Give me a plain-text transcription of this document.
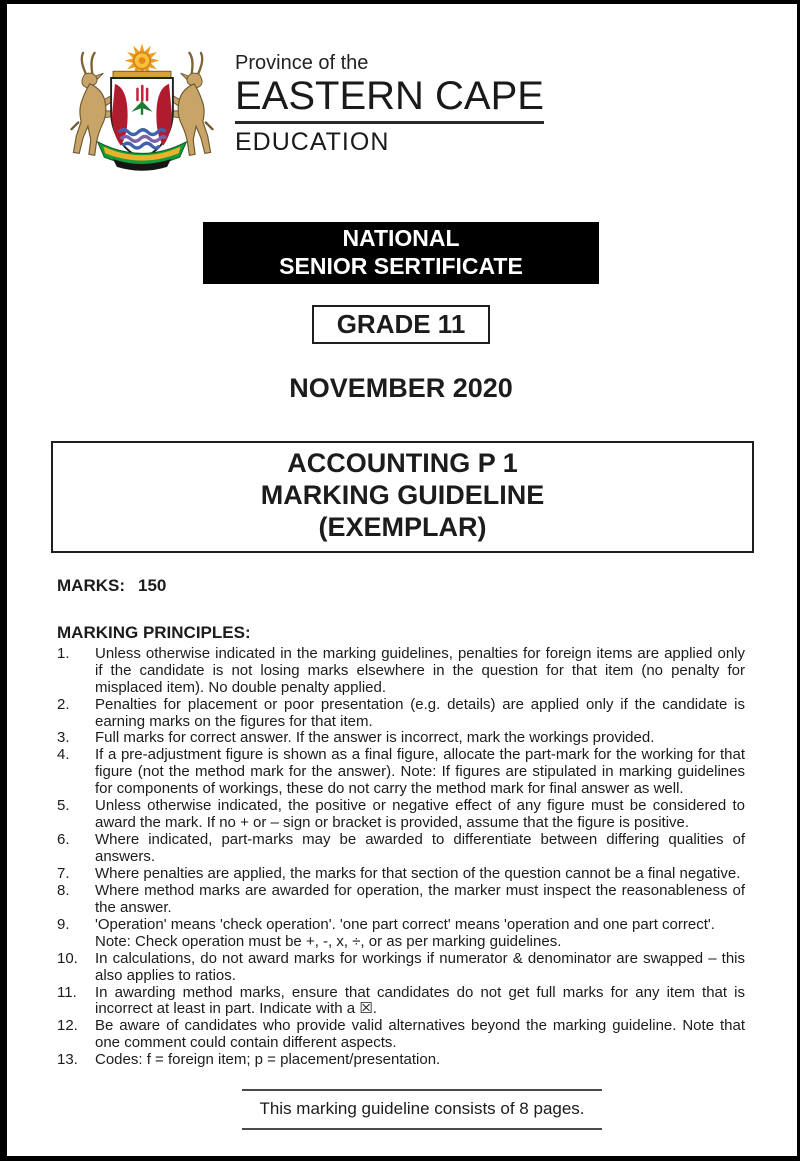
Province of the
EASTERN CAPE
EDUCATION
NATIONAL
SENIOR SERTIFICATE
GRADE 11
NOVEMBER 2020
ACCOUNTING P 1
MARKING GUIDELINE
(EXEMPLAR)
MARKS: 150
MARKING PRINCIPLES:
1.	Unless otherwise indicated in the marking guidelines, penalties for foreign items are applied only if the candidate is not losing marks elsewhere in the question for that item (no penalty for misplaced item). No double penalty applied.
2.	Penalties for placement or poor presentation (e.g. details) are applied only if the candidate is earning marks on the figures for that item.
3.	Full marks for correct answer. If the answer is incorrect, mark the workings provided.
4.	If a pre-adjustment figure is shown as a final figure, allocate the part-mark for the working for that figure (not the method mark for the answer). Note: If figures are stipulated in marking guidelines for components of workings, these do not carry the method mark for final answer as well.
5.	Unless otherwise indicated, the positive or negative effect of any figure must be considered to award the mark. If no + or – sign or bracket is provided, assume that the figure is positive.
6.	Where indicated, part-marks may be awarded to differentiate between differing qualities of answers.
7.	Where penalties are applied, the marks for that section of the question cannot be a final negative.
8.	Where method marks are awarded for operation, the marker must inspect the reasonableness of the answer.
9.	'Operation' means 'check operation'. 'one part correct' means 'operation and one part correct'.
Note: Check operation must be +, -, x, ÷, or as per marking guidelines.
10.	In calculations, do not award marks for workings if numerator & denominator are swapped – this also applies to ratios.
11.	In awarding method marks, ensure that candidates do not get full marks for any item that is incorrect at least in part. Indicate with a ☒.
12.	Be aware of candidates who provide valid alternatives beyond the marking guideline. Note that one comment could contain different aspects.
13.	Codes: f = foreign item; p = placement/presentation.
This marking guideline consists of 8 pages.
